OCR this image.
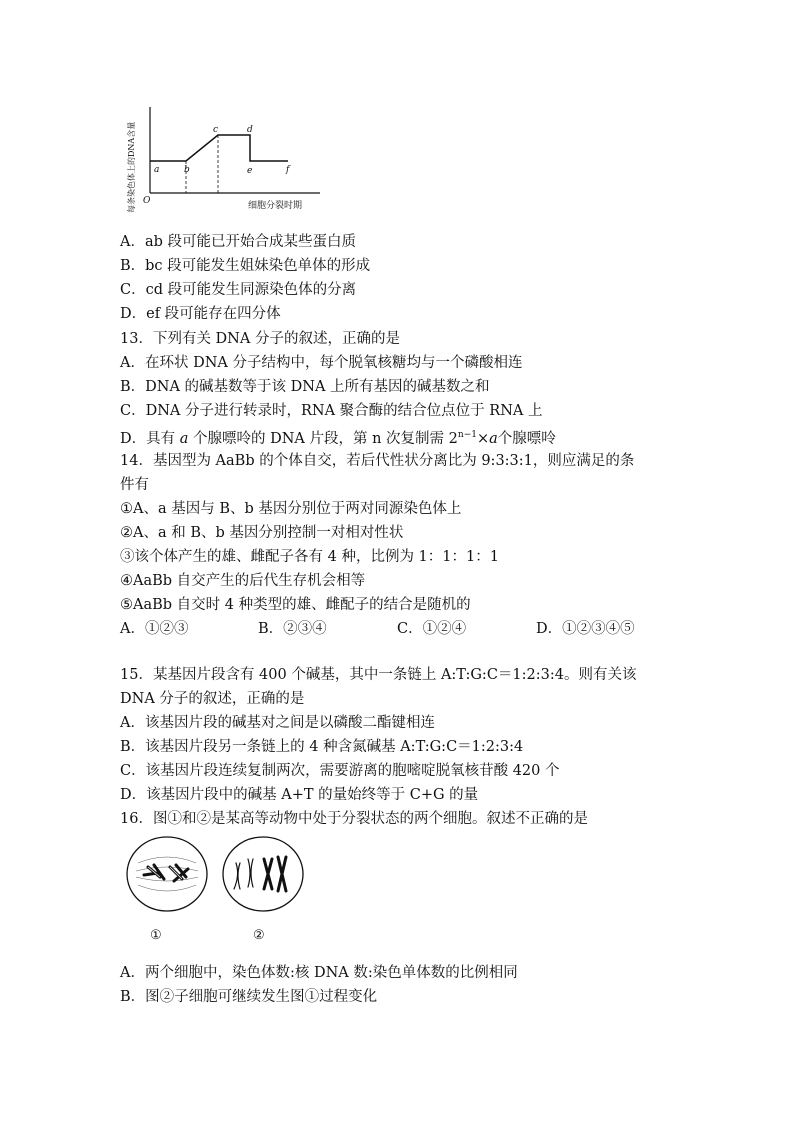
a	b
c	d
e	f
O	细胞分裂时期
每条染色体上的DNA含量
A．ab 段可能已开始合成某些蛋白质
B．bc 段可能发生姐妹染色单体的形成
C．cd 段可能发生同源染色体的分离
D．ef 段可能存在四分体
13．下列有关 DNA 分子的叙述，正确的是
A．在环状 DNA 分子结构中，每个脱氧核糖均与一个磷酸相连
B．DNA 的碱基数等于该 DNA 上所有基因的碱基数之和
C．DNA 分子进行转录时，RNA 聚合酶的结合位点位于 RNA 上
D．具有 a 个腺嘌呤的 DNA 片段，第 n 次复制需 $2^{n-1}\times a$个腺嘌呤
14．基因型为 AaBb 的个体自交，若后代性状分离比为 9:3:3:1，则应满足的条
件有
①A、a 基因与 B、b 基因分别位于两对同源染色体上
②A、a 和 B、b 基因分别控制一对相对性状
③该个体产生的雄、雌配子各有 4 种，比例为 1：1：1：1
④AaBb 自交产生的后代生存机会相等
⑤AaBb 自交时 4 种类型的雄、雌配子的结合是随机的
A．①②③	B．②③④	C．①②④	D．①②③④⑤
15．某基因片段含有 400 个碱基，其中一条链上 A:T:G:C＝1:2:3:4。则有关该
DNA 分子的叙述，正确的是
A．该基因片段的碱基对之间是以磷酸二酯键相连
B．该基因片段另一条链上的 4 种含氮碱基 A:T:G:C＝1:2:3:4
C．该基因片段连续复制两次，需要游离的胞嘧啶脱氧核苷酸 420 个
D．该基因片段中的碱基 A+T 的量始终等于 C+G 的量
16．图①和②是某高等动物中处于分裂状态的两个细胞。叙述不正确的是
①	②
A．两个细胞中，染色体数:核 DNA 数:染色单体数的比例相同
B．图②子细胞可继续发生图①过程变化
